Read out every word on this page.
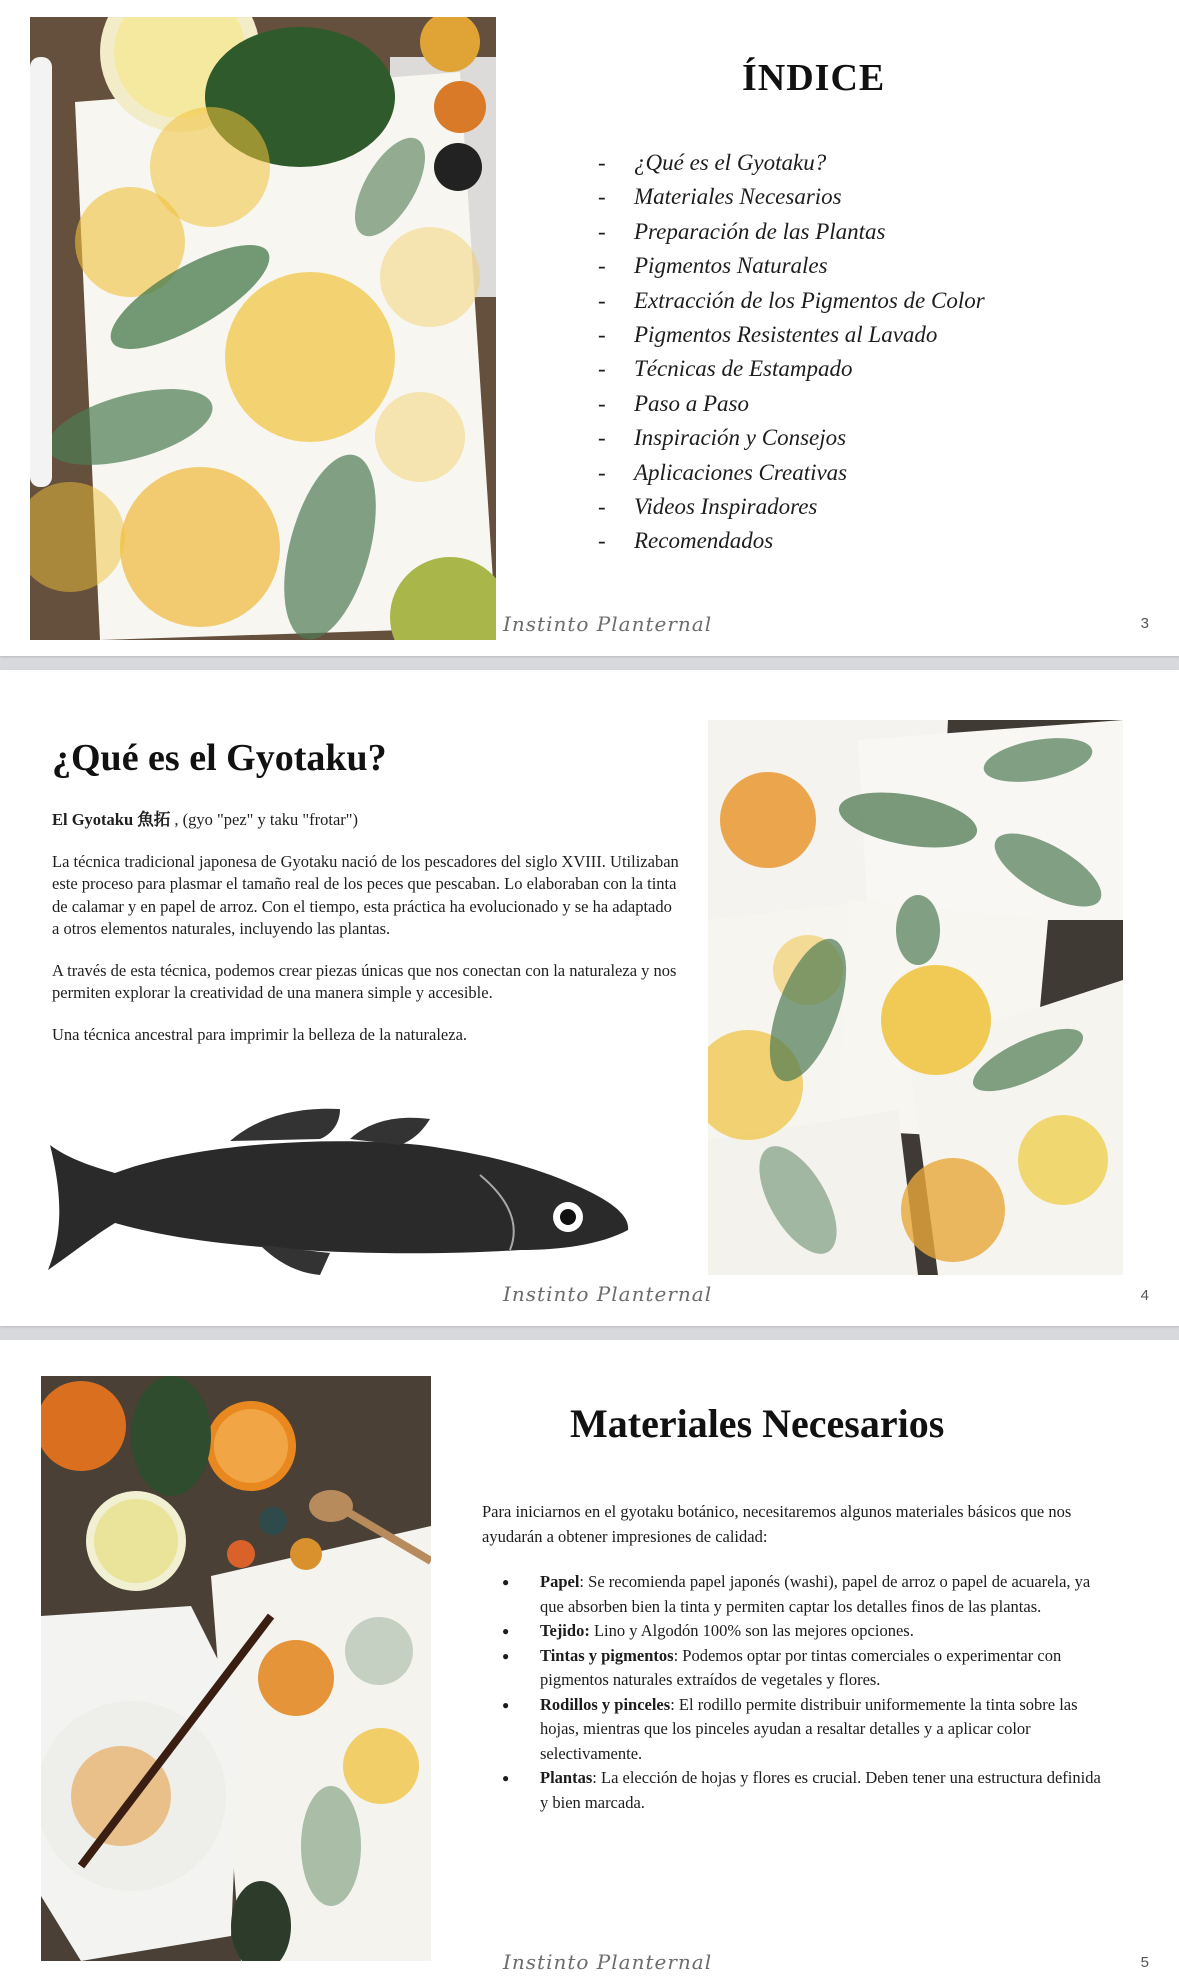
ÍNDICE
- ¿Qué es el Gyotaku?
- Materiales Necesarios
- Preparación de las Plantas
- Pigmentos Naturales
- Extracción de los Pigmentos de Color
- Pigmentos Resistentes al Lavado
- Técnicas de Estampado
- Paso a Paso
- Inspiración y Consejos
- Aplicaciones Creativas
- Videos Inspiradores
- Recomendados
Instinto Planternal	3
¿Qué es el Gyotaku?

El Gyotaku 魚拓 , (gyo "pez" y taku "frotar")

La técnica tradicional japonesa de Gyotaku nació de los pescadores del siglo XVIII. Utilizaban este proceso para plasmar el tamaño real de los peces que pescaban. Lo elaboraban con la tinta de calamar y en papel de arroz. Con el tiempo, esta práctica ha evolucionado y se ha adaptado a otros elementos naturales, incluyendo las plantas.

A través de esta técnica, podemos crear piezas únicas que nos conectan con la naturaleza y nos permiten explorar la creatividad de una manera simple y accesible.

Una técnica ancestral para imprimir la belleza de la naturaleza.

Instinto Planternal	4
Materiales Necesarios
Para iniciarnos en el gyotaku botánico, necesitaremos algunos materiales básicos que nos ayudarán a obtener impresiones de calidad:
● Papel: Se recomienda papel japonés (washi), papel de arroz o papel de acuarela, ya que absorben bien la tinta y permiten captar los detalles finos de las plantas.
● Tejido: Lino y Algodón 100% son las mejores opciones.
● Tintas y pigmentos: Podemos optar por tintas comerciales o experimentar con pigmentos naturales extraídos de vegetales y flores.
● Rodillos y pinceles: El rodillo permite distribuir uniformemente la tinta sobre las hojas, mientras que los pinceles ayudan a resaltar detalles y a aplicar color selectivamente.
● Plantas: La elección de hojas y flores es crucial. Deben tener una estructura definida y bien marcada.
Instinto Planternal	5
